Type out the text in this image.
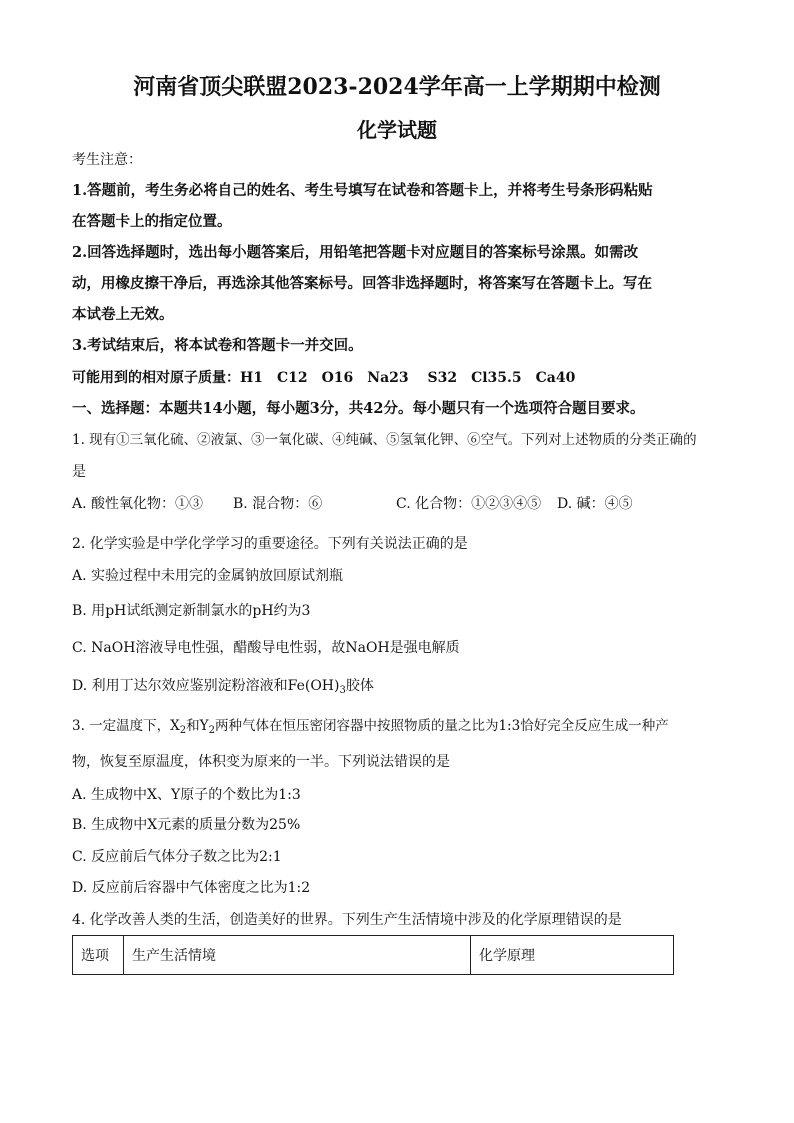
河南省顶尖联盟2023-2024学年高一上学期期中检测
化学试题
考生注意：
1.答题前，考生务必将自己的姓名、考生号填写在试卷和答题卡上，并将考生号条形码粘贴
在答题卡上的指定位置。
2.回答选择题时，选出每小题答案后，用铅笔把答题卡对应题目的答案标号涂黑。如需改
动，用橡皮擦干净后，再选涂其他答案标号。回答非选择题时，将答案写在答题卡上。写在
本试卷上无效。
3.考试结束后，将本试卷和答题卡一并交回。
可能用到的相对原子质量：H1　C12　O16　Na23　 S32　Cl35.5　Ca40
一、选择题：本题共14小题，每小题3分，共42分。每小题只有一个选项符合题目要求。
1. 现有①三氧化硫、②液氯、③一氧化碳、④纯碱、⑤氢氧化钾、⑥空气。下列对上述物质的分类正确的
是
A. 酸性氧化物：①③ B. 混合物：⑥	C. 化合物：①②③④⑤ D. 碱：④⑤
2. 化学实验是中学化学学习的重要途径。下列有关说法正确的是
A. 实验过程中未用完的金属钠放回原试剂瓶
B. 用pH试纸测定新制氯水的pH约为3
C. NaOH溶液导电性强，醋酸导电性弱，故NaOH是强电解质
D. 利用丁达尔效应鉴别淀粉溶液和$Fe(OH)_3$胶体
3. 一定温度下，$X_2$和$Y_2$两种气体在恒压密闭容器中按照物质的量之比为1:3恰好完全反应生成一种产
物，恢复至原温度，体积变为原来的一半。下列说法错误的是
A. 生成物中X、Y原子的个数比为1:3
B. 生成物中X元素的质量分数为25%
C. 反应前后气体分子数之比为2:1
D. 反应前后容器中气体密度之比为1:2
4. 化学改善人类的生活，创造美好的世界。下列生产生活情境中涉及的化学原理错误的是
选项	生产生活情境	化学原理
